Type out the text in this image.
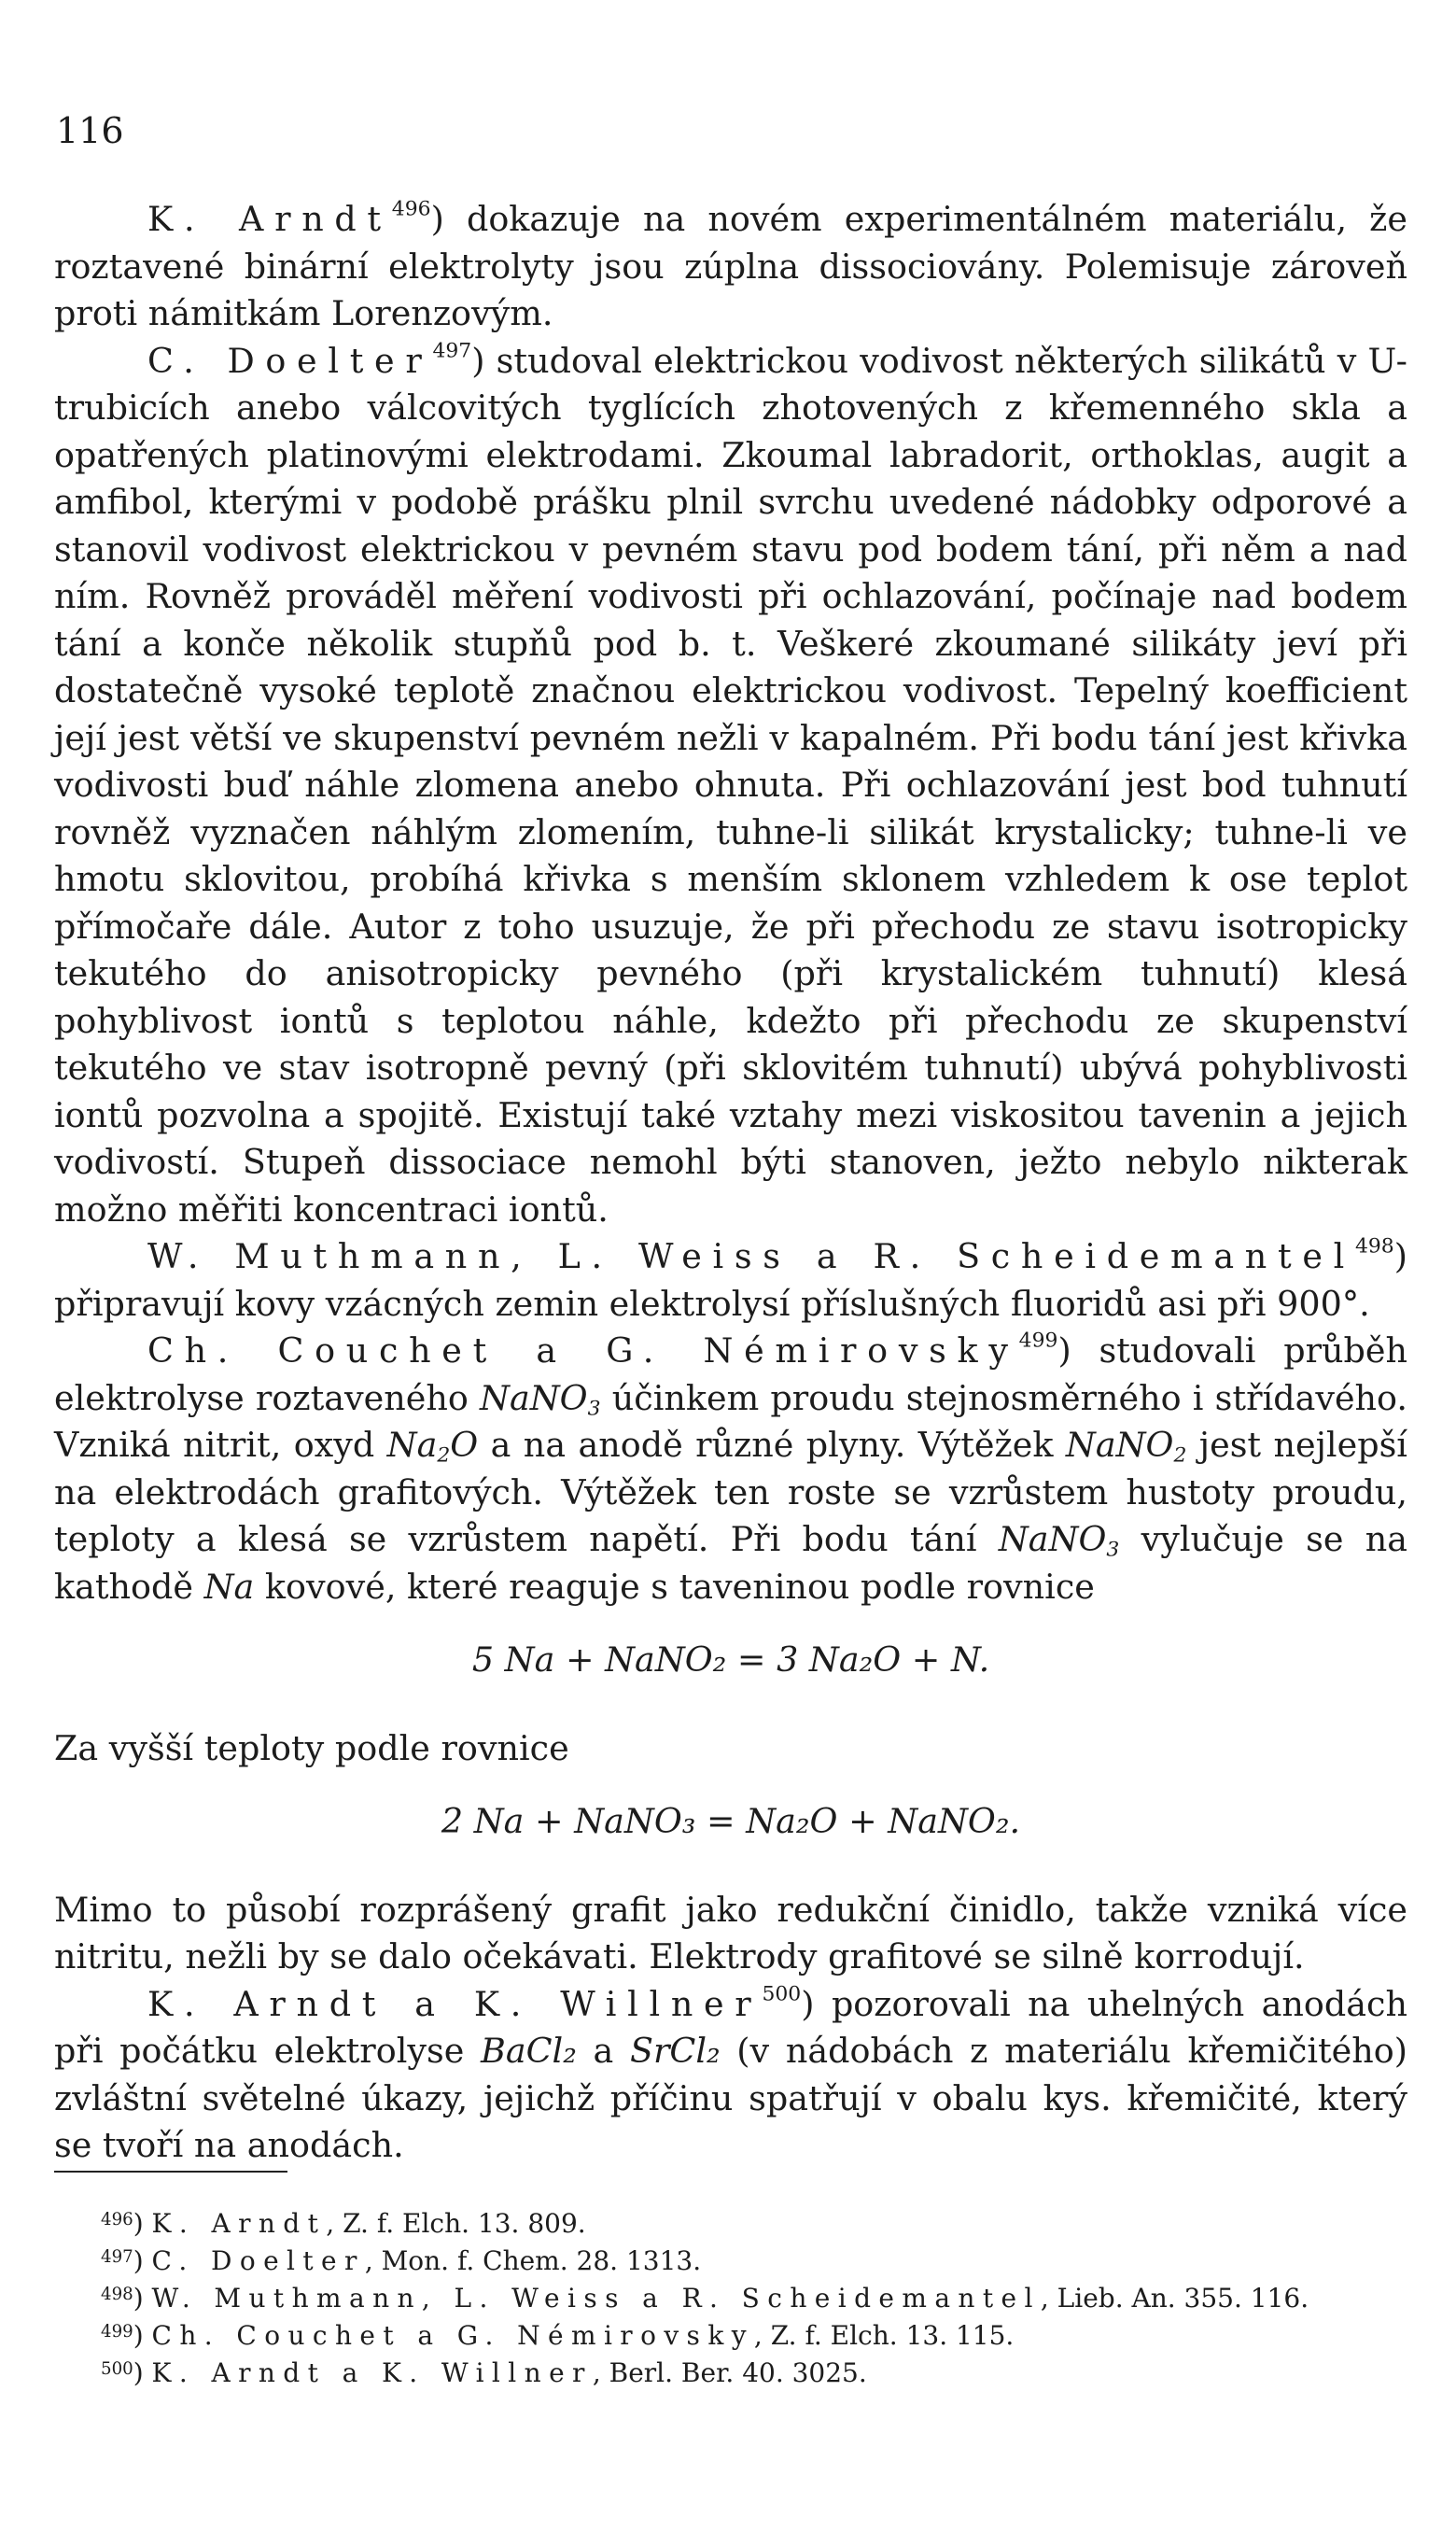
116

K. Arndt$^{496}$) dokazuje na novém experimentálném materiálu, že roztavené binární elektrolyty jsou zúplna dissociovány. Polemisuje zároveň proti námitkám Lorenzovým.

C. Doelter$^{497}$) studoval elektrickou vodivost některých silikátů v U-trubicích anebo válcovitých tyglících zhotovených z křemenného skla a opatřených platinovými elektrodami. Zkoumal labradorit, orthoklas, augit a amfibol, kterými v podobě prášku plnil svrchu uvedené nádobky odporové a stanovil vodivost elektrickou v pevném stavu pod bodem tání, při něm a nad ním. Rovněž prováděl měření vodivosti při ochlazování, počínaje nad bodem tání a konče několik stupňů pod b. t. Veškeré zkoumané silikáty jeví při dostatečně vysoké teplotě značnou elektrickou vodivost. Tepelný koefficient její jest větší ve skupenství pevném nežli v kapalném. Při bodu tání jest křivka vodivosti buď náhle zlomena anebo ohnuta. Při ochlazování jest bod tuhnutí rovněž vyznačen náhlým zlomením, tuhne-li silikát krystalicky; tuhne-li ve hmotu sklovitou, probíhá křivka s menším sklonem vzhledem k ose teplot přímočaře dále. Autor z toho usuzuje, že při přechodu ze stavu isotropicky tekutého do anisotropicky pevného (při krystalickém tuhnutí) klesá pohyblivost iontů s teplotou náhle, kdežto při přechodu ze skupenství tekutého ve stav isotropně pevný (při sklovitém tuhnutí) ubývá pohyblivosti iontů pozvolna a spojitě. Existují také vztahy mezi viskositou tavenin a jejich vodivostí. Stupeň dissociace nemohl býti stanoven, ježto nebylo nikterak možno měřiti koncentraci iontů.

W. Muthmann, L. Weiss a R. Scheidemantel$^{498}$) připravují kovy vzácných zemin elektrolysí příslušných fluoridů asi při 900°.

Ch. Couchet a G. Némirovsky$^{499}$) studovali průběh elektrolyse roztaveného NaNO$_3$ účinkem proudu stejnosměrného i střídavého. Vzniká nitrit, oxyd $Na_2O$ a na anodě různé plyny. Výtěžek NaNO$_2$ jest nejlepší na elektrodách grafitových. Výtěžek ten roste se vzrůstem hustoty proudu, teploty a klesá se vzrůstem napětí. Při bodu tání NaNO$_3$ vylučuje se na kathodě Na kovové, které reaguje s taveninou podle rovnice

5 Na + NaNO₂ = 3 Na₂O + N.

Za vyšší teploty podle rovnice

2 Na + NaNO₃ = Na₂O + NaNO₂.

Mimo to působí rozprášený grafit jako redukční činidlo, takže vzniká více nitritu, nežli by se dalo očekávati. Elektrody grafitové se silně korrodují.

K. Arndt a K. Willner$^{500}$) pozorovali na uhelných anodách při počátku elektrolyse BaCl₂ a SrCl₂ (v nádobách z materiálu křemičitého) zvláštní světelné úkazy, jejichž příčinu spatřují v obalu kys. křemičité, který se tvoří na anodách.

$^{496}$) K. Arndt, Z. f. Elch. 13. 809.

$^{497}$) C. Doelter, Mon. f. Chem. 28. 1313.

$^{498}$) W. Muthmann, L. Weiss a R. Scheidemantel, Lieb. An. 355. 116.

$^{499}$) Ch. Couchet a G. Némirovsky, Z. f. Elch. 13. 115.

$^{500}$) K. Arndt a K. Willner, Berl. Ber. 40. 3025.
